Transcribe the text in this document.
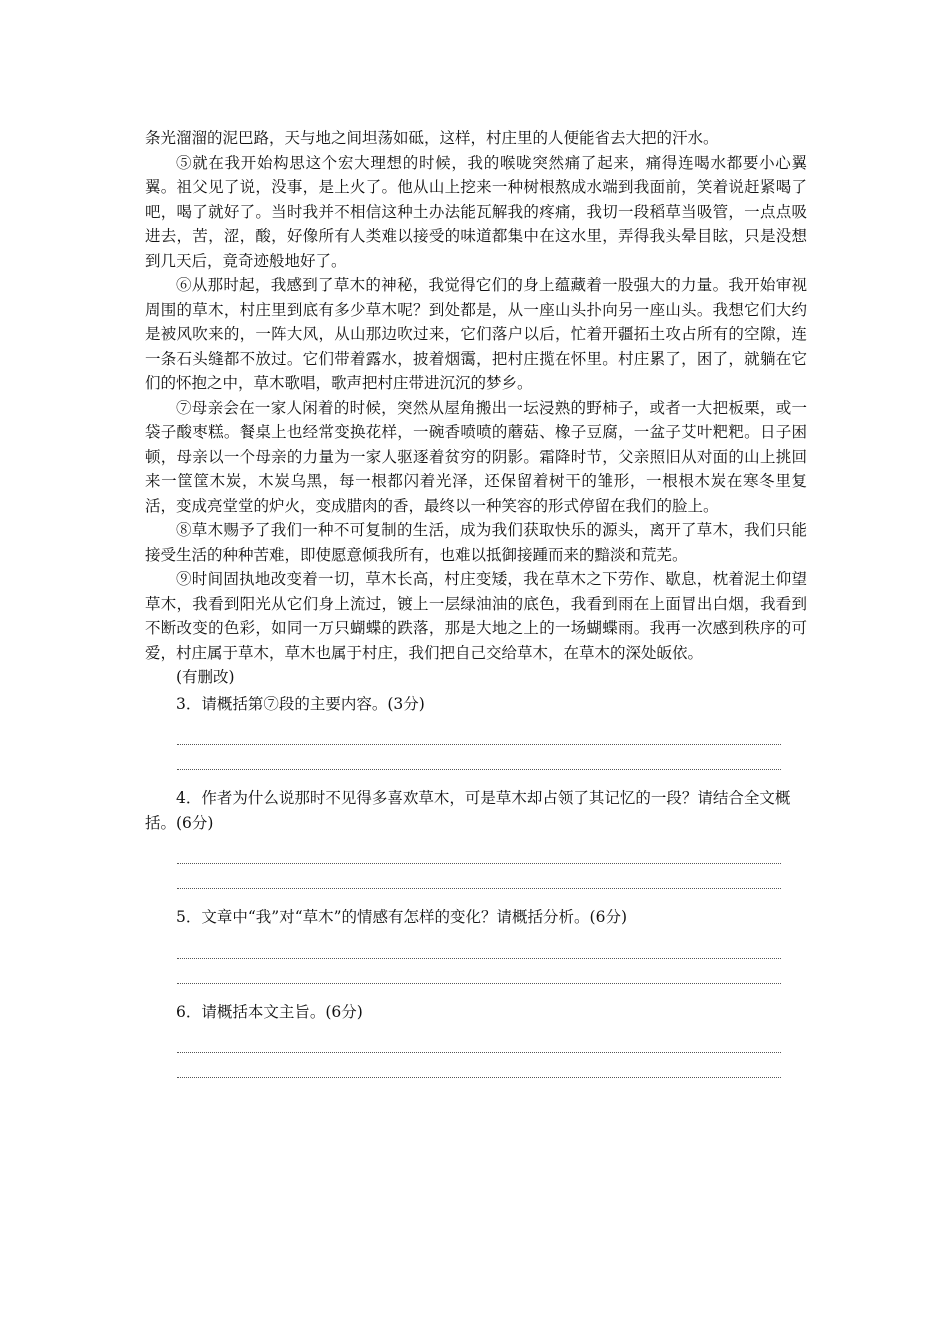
条光溜溜的泥巴路，天与地之间坦荡如砥，这样，村庄里的人便能省去大把的汗水。

⑤就在我开始构思这个宏大理想的时候，我的喉咙突然痛了起来，痛得连喝水都要小心翼翼。祖父见了说，没事，是上火了。他从山上挖来一种树根熬成水端到我面前，笑着说赶紧喝了吧，喝了就好了。当时我并不相信这种土办法能瓦解我的疼痛，我切一段稻草当吸管，一点点吸进去，苦，涩，酸，好像所有人类难以接受的味道都集中在这水里，弄得我头晕目眩，只是没想到几天后，竟奇迹般地好了。

⑥从那时起，我感到了草木的神秘，我觉得它们的身上蕴藏着一股强大的力量。我开始审视周围的草木，村庄里到底有多少草木呢？到处都是，从一座山头扑向另一座山头。我想它们大约是被风吹来的，一阵大风，从山那边吹过来，它们落户以后，忙着开疆拓土攻占所有的空隙，连一条石头缝都不放过。它们带着露水，披着烟霭，把村庄揽在怀里。村庄累了，困了，就躺在它们的怀抱之中，草木歌唱，歌声把村庄带进沉沉的梦乡。

⑦母亲会在一家人闲着的时候，突然从屋角搬出一坛浸熟的野柿子，或者一大把板栗，或一袋子酸枣糕。餐桌上也经常变换花样，一碗香喷喷的蘑菇、橡子豆腐，一盆子艾叶粑粑。日子困顿，母亲以一个母亲的力量为一家人驱逐着贫穷的阴影。霜降时节，父亲照旧从对面的山上挑回来一筐筐木炭，木炭乌黑，每一根都闪着光泽，还保留着树干的雏形，一根根木炭在寒冬里复活，变成亮堂堂的炉火，变成腊肉的香，最终以一种笑容的形式停留在我们的脸上。

⑧草木赐予了我们一种不可复制的生活，成为我们获取快乐的源头，离开了草木，我们只能接受生活的种种苦难，即使愿意倾我所有，也难以抵御接踵而来的黯淡和荒芜。

⑨时间固执地改变着一切，草木长高，村庄变矮，我在草木之下劳作、歇息，枕着泥土仰望草木，我看到阳光从它们身上流过，镀上一层绿油油的底色，我看到雨在上面冒出白烟，我看到不断改变的色彩，如同一万只蝴蝶的跌落，那是大地之上的一场蝴蝶雨。我再一次感到秩序的可爱，村庄属于草木，草木也属于村庄，我们把自己交给草木，在草木的深处皈依。

(有删改)

3．请概括第⑦段的主要内容。(3分)

4．作者为什么说那时不见得多喜欢草木，可是草木却占领了其记忆的一段？请结合全文概括。(6分)

5．文章中“我”对“草木”的情感有怎样的变化？请概括分析。(6分)

6．请概括本文主旨。(6分)
